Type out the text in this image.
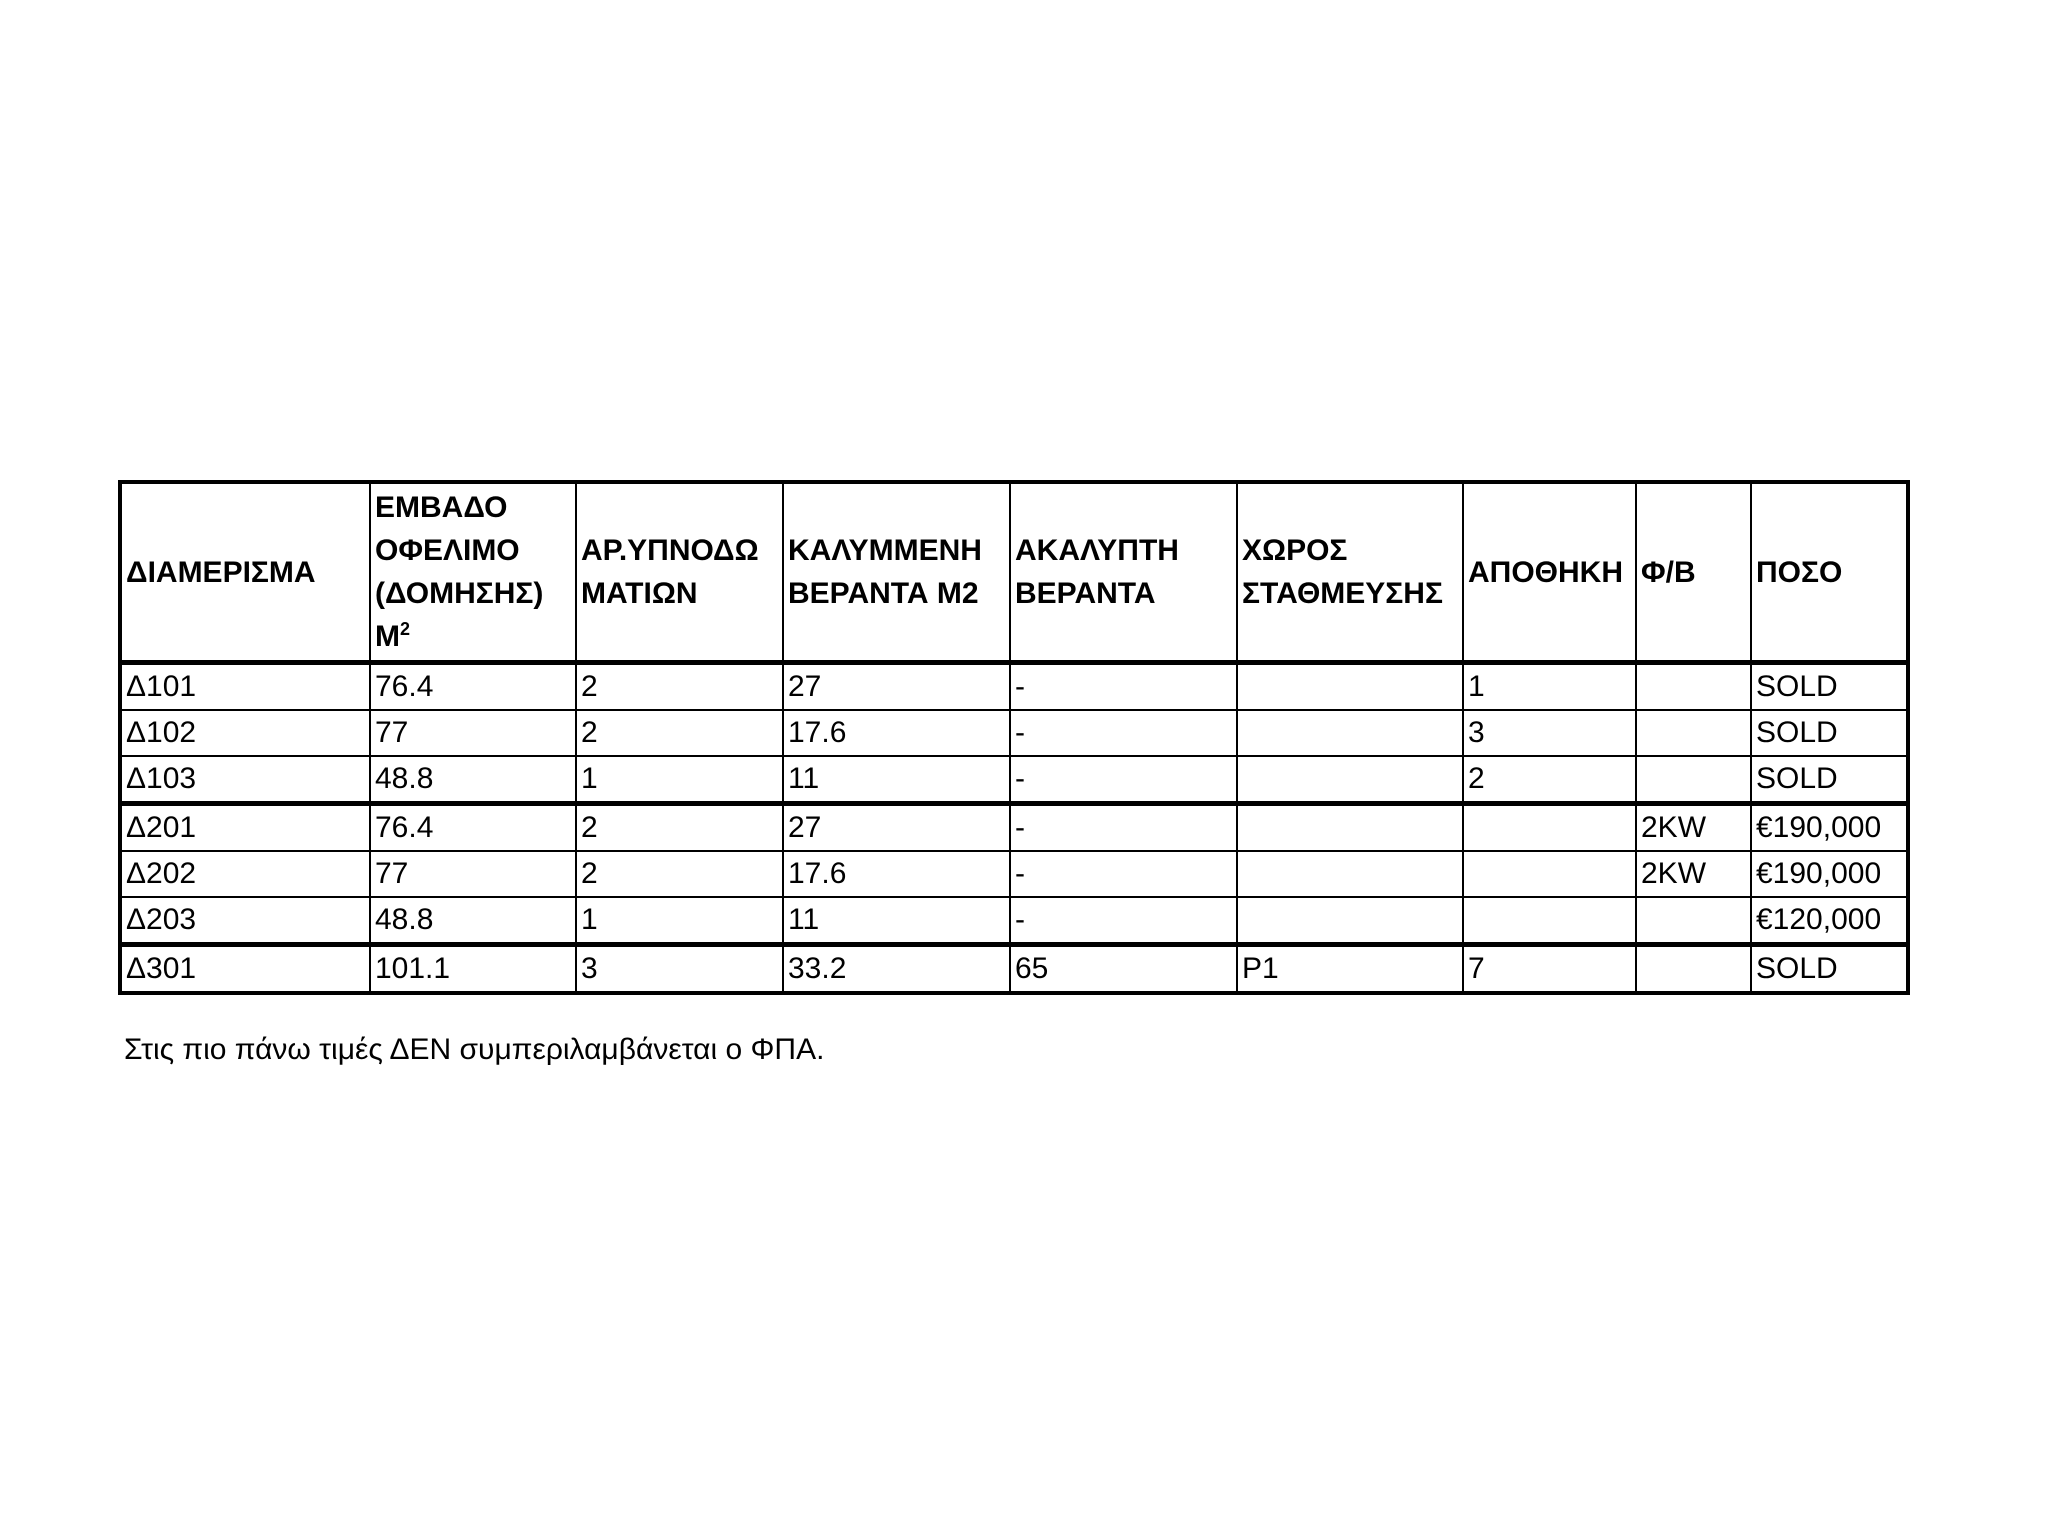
ΔΙΑΜΕΡΙΣΜΑ	ΕΜΒΑΔΟ ΟΦΕΛΙΜΟ (ΔΟΜΗΣΗΣ) $M^2$	ΑΡ.ΥΠΝΟΔΩΜΑΤΙΩΝ	ΚΑΛΥΜΜΕΝΗ ΒΕΡΑΝΤΑ Μ2	ΑΚΑΛΥΠΤΗ ΒΕΡΑΝΤΑ	ΧΩΡΟΣ ΣΤΑΘΜΕΥΣΗΣ	ΑΠΟΘΗΚΗ	Φ/Β	ΠΟΣΟ
Δ101	76.4	2	27	-		1		SOLD
Δ102	77	2	17.6	-		3		SOLD
Δ103	48.8	1	11	-		2		SOLD
Δ201	76.4	2	27	-			2KW	€190,000
Δ202	77	2	17.6	-			2KW	€190,000
Δ203	48.8	1	11	-				€120,000
Δ301	101.1	3	33.2	65	P1	7		SOLD
Στις πιο πάνω τιμές ΔΕΝ συμπεριλαμβάνεται ο ΦΠΑ.
